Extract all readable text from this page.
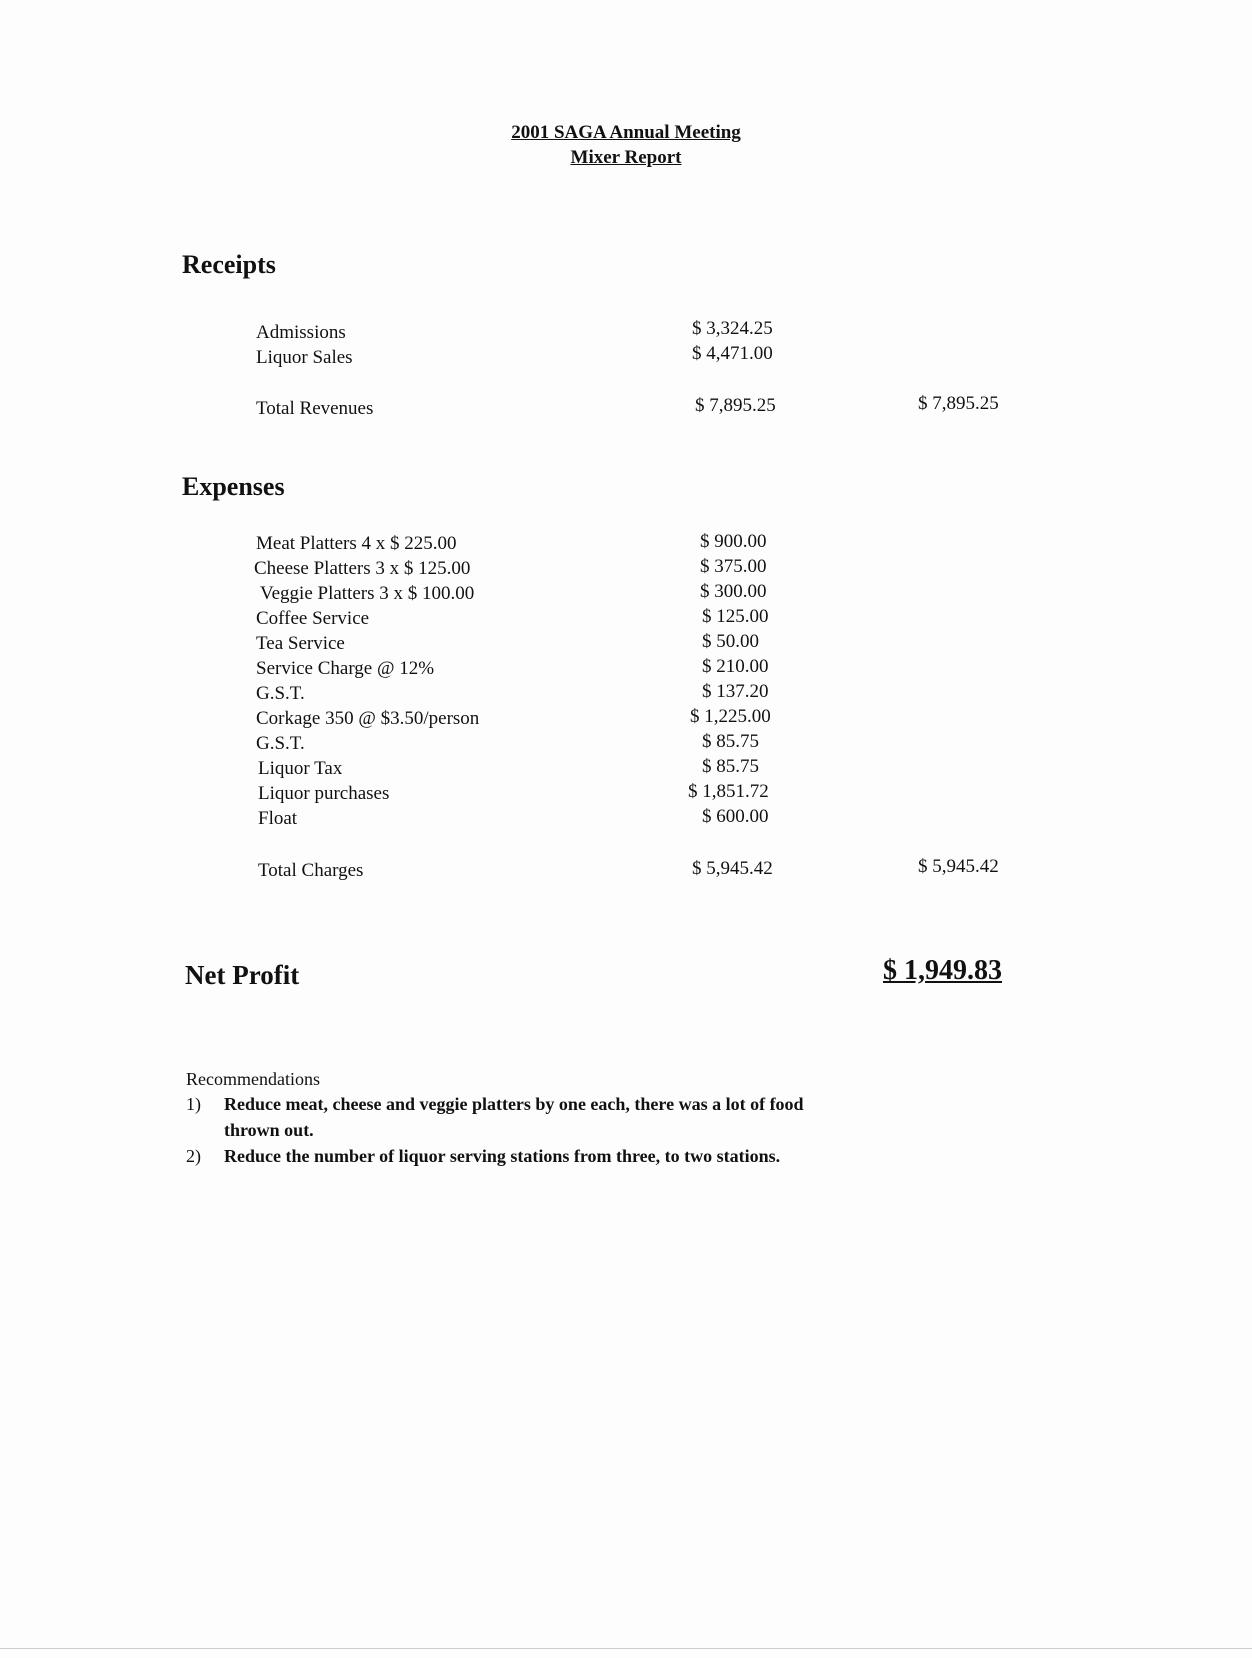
2001 SAGA Annual Meeting
Mixer Report
Receipts
Admissions	$ 3,324.25
Liquor Sales	$ 4,471.00
Total Revenues	$ 7,895.25	$ 7,895.25
Expenses
Meat Platters 4 x $ 225.00	$ 900.00
Cheese Platters 3 x $ 125.00	$ 375.00
Veggie Platters 3 x $ 100.00	$ 300.00
Coffee Service	$ 125.00
Tea Service	$ 50.00
Service Charge @ 12%	$ 210.00
G.S.T.	$ 137.20
Corkage 350 @ $3.50/person	$ 1,225.00
G.S.T.	$ 85.75
Liquor Tax	$ 85.75
Liquor purchases	$ 1,851.72
Float	$ 600.00
Total Charges	$ 5,945.42	$ 5,945.42
Net Profit	$ 1,949.83
Recommendations
1) Reduce meat, cheese and veggie platters by one each, there was a lot of food thrown out.
2) Reduce the number of liquor serving stations from three, to two stations.
